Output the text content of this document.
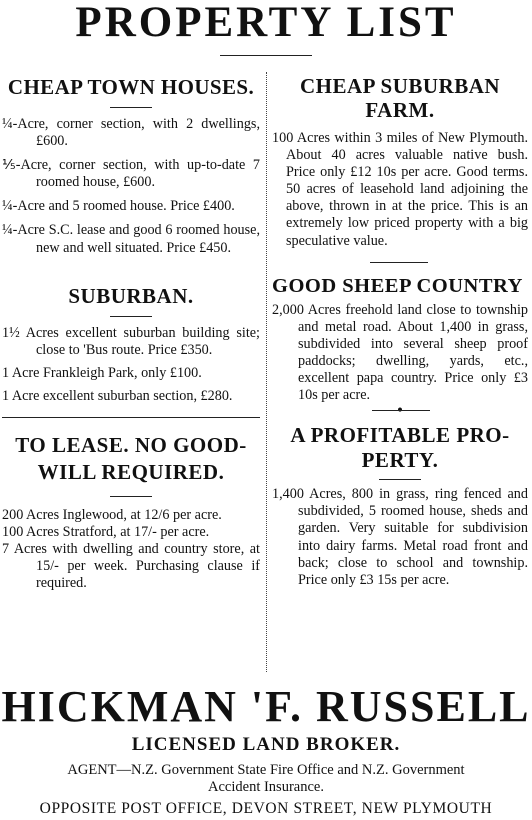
PROPERTY LIST
CHEAP TOWN HOUSES.

¼-Acre, corner section, with 2 dwellings, £600.

⅕-Acre, corner section, with up-to-date 7 roomed house, £600.

¼-Acre and 5 roomed house. Price £400.

¼-Acre S.C. lease and good 6 roomed house, new and well situated. Price £450.

SUBURBAN.

1½ Acres excellent suburban building site; close to 'Bus route. Price £350.

1 Acre Frankleigh Park, only £100.

1 Acre excellent suburban section, £280.

TO LEASE. NO GOOD-WILL REQUIRED.

200 Acres Inglewood, at 12/6 per acre.

100 Acres Stratford, at 17/- per acre.

7 Acres with dwelling and country store, at 15/- per week. Purchasing clause if required.

CHEAP SUBURBAN FARM.

100 Acres within 3 miles of New Plymouth. About 40 acres valuable native bush. Price only £12 10s per acre. Good terms. 50 acres of leasehold land adjoining the above, thrown in at the price. This is an extremely low priced property with a big speculative value.

GOOD SHEEP COUNTRY

2,000 Acres freehold land close to township and metal road. About 1,400 in grass, subdivided into several sheep proof paddocks; dwelling, yards, etc., excellent papa country. Price only £3 10s per acre.

•
A PROFITABLE PRO-
PERTY.

1,400 Acres, 800 in grass, ring fenced and subdivided, 5 roomed house, sheds and garden. Very suitable for subdivision into dairy farms. Metal road front and back; close to school and township. Price only £3 15s per acre.

HICKMAN 'F. RUSSELL
LICENSED LAND BROKER.
AGENT—N.Z. Government State Fire Office and N.Z. Government
Accident Insurance.
OPPOSITE POST OFFICE, DEVON STREET, NEW PLYMOUTH
